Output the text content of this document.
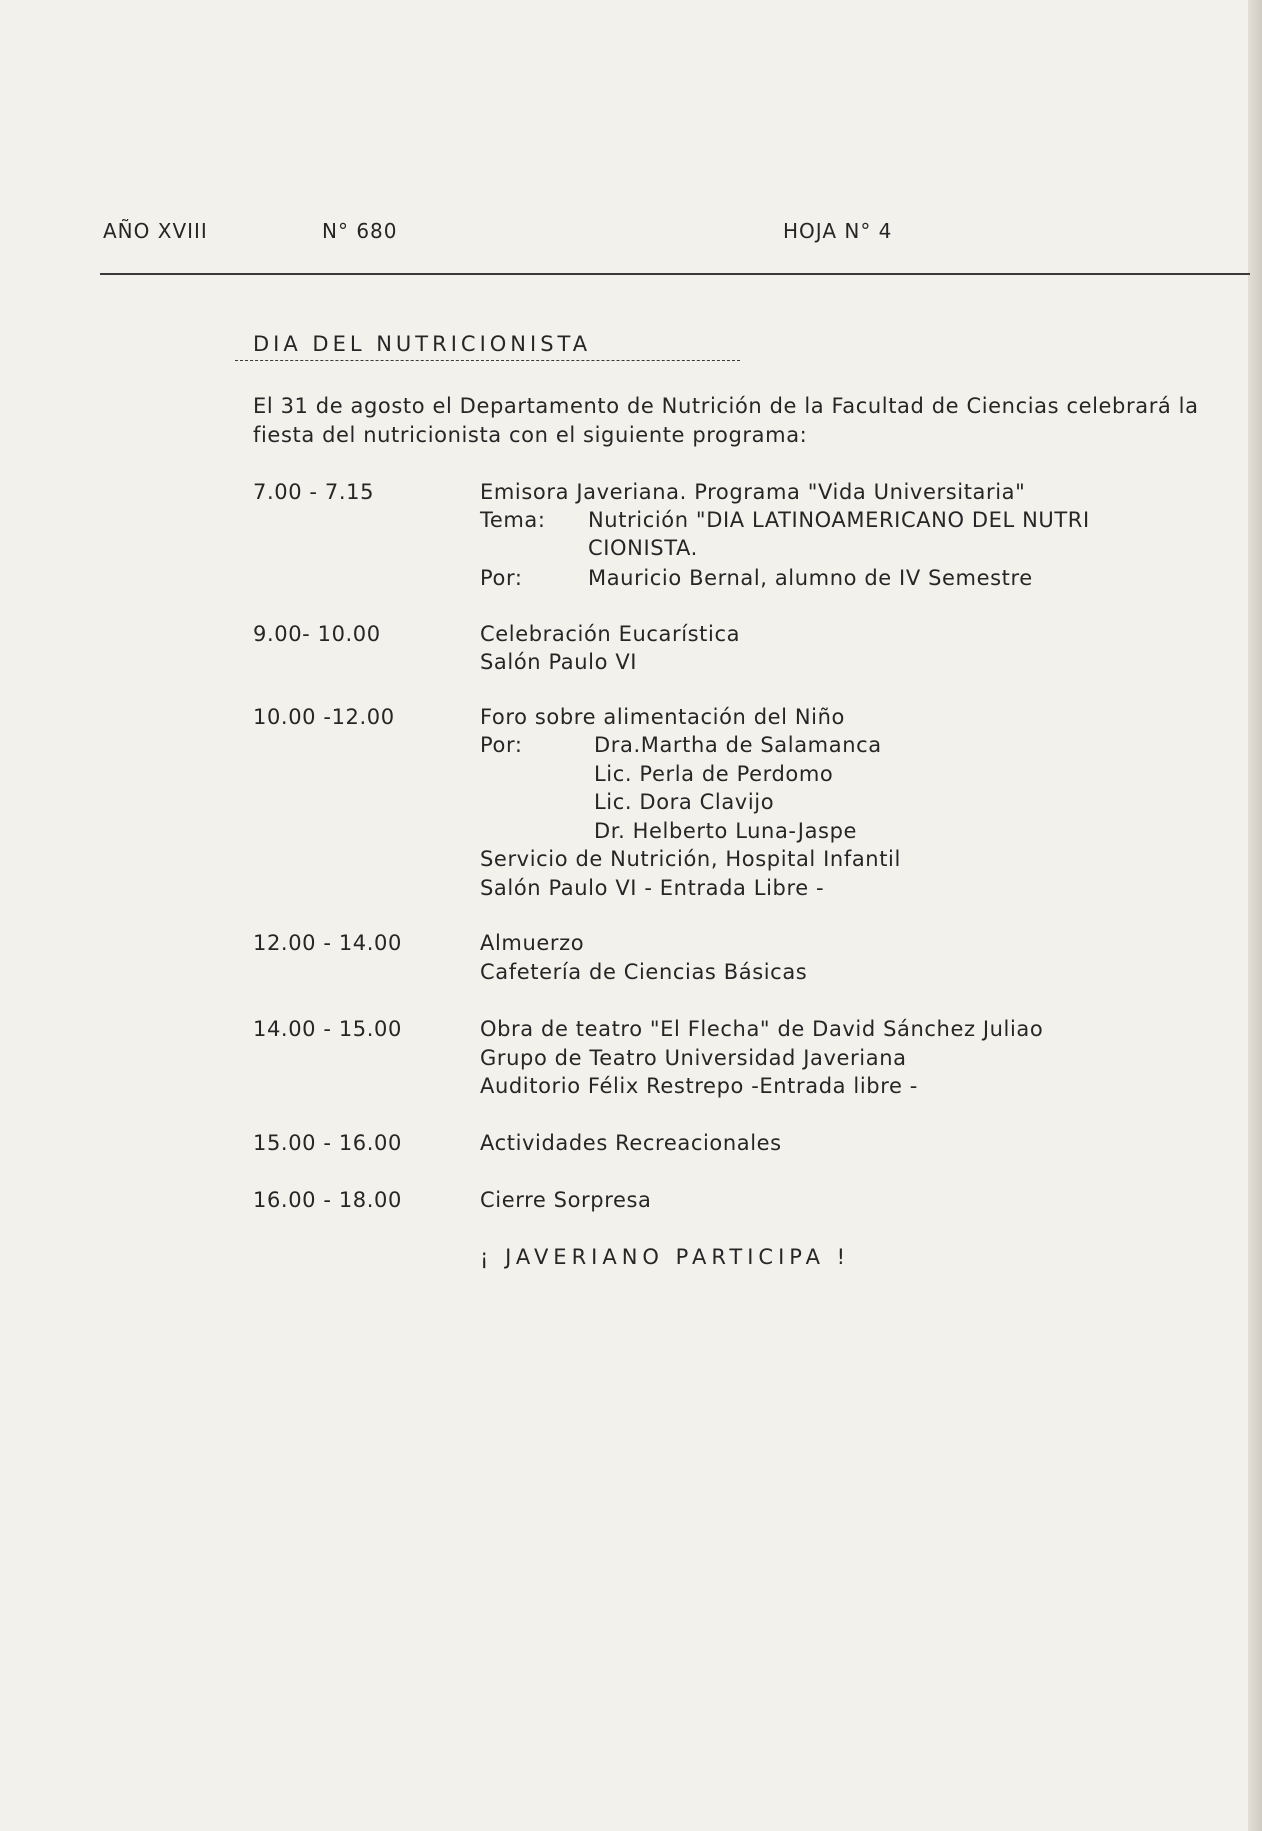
AÑO XVIII	N° 680	HOJA N° 4
DIA DEL NUTRICIONISTA

El 31 de agosto el Departamento de Nutrición de la Facultad de Ciencias celebrará la fiesta del nutricionista con el siguiente programa:

7.00 - 7.15	Emisora Javeriana. Programa "Vida Universitaria"
Tema: Nutrición "DIA LATINOAMERICANO DEL NUTRI
CIONISTA.
Por:	Mauricio Bernal, alumno de IV Semestre
9.00- 10.00	Celebración Eucarística
Salón Paulo VI
10.00 -12.00	Foro sobre alimentación del Niño
Por:	Dra.Martha de Salamanca
Lic. Perla de Perdomo
Lic. Dora Clavijo
Dr. Helberto Luna-Jaspe
Servicio de Nutrición, Hospital Infantil
Salón Paulo VI - Entrada Libre -
12.00 - 14.00	Almuerzo
Cafetería de Ciencias Básicas
14.00 - 15.00	Obra de teatro "El Flecha" de David Sánchez Juliao
Grupo de Teatro Universidad Javeriana
Auditorio Félix Restrepo -Entrada libre -
15.00 - 16.00	Actividades Recreacionales
16.00 - 18.00	Cierre Sorpresa
¡ JAVERIANO PARTICIPA !
